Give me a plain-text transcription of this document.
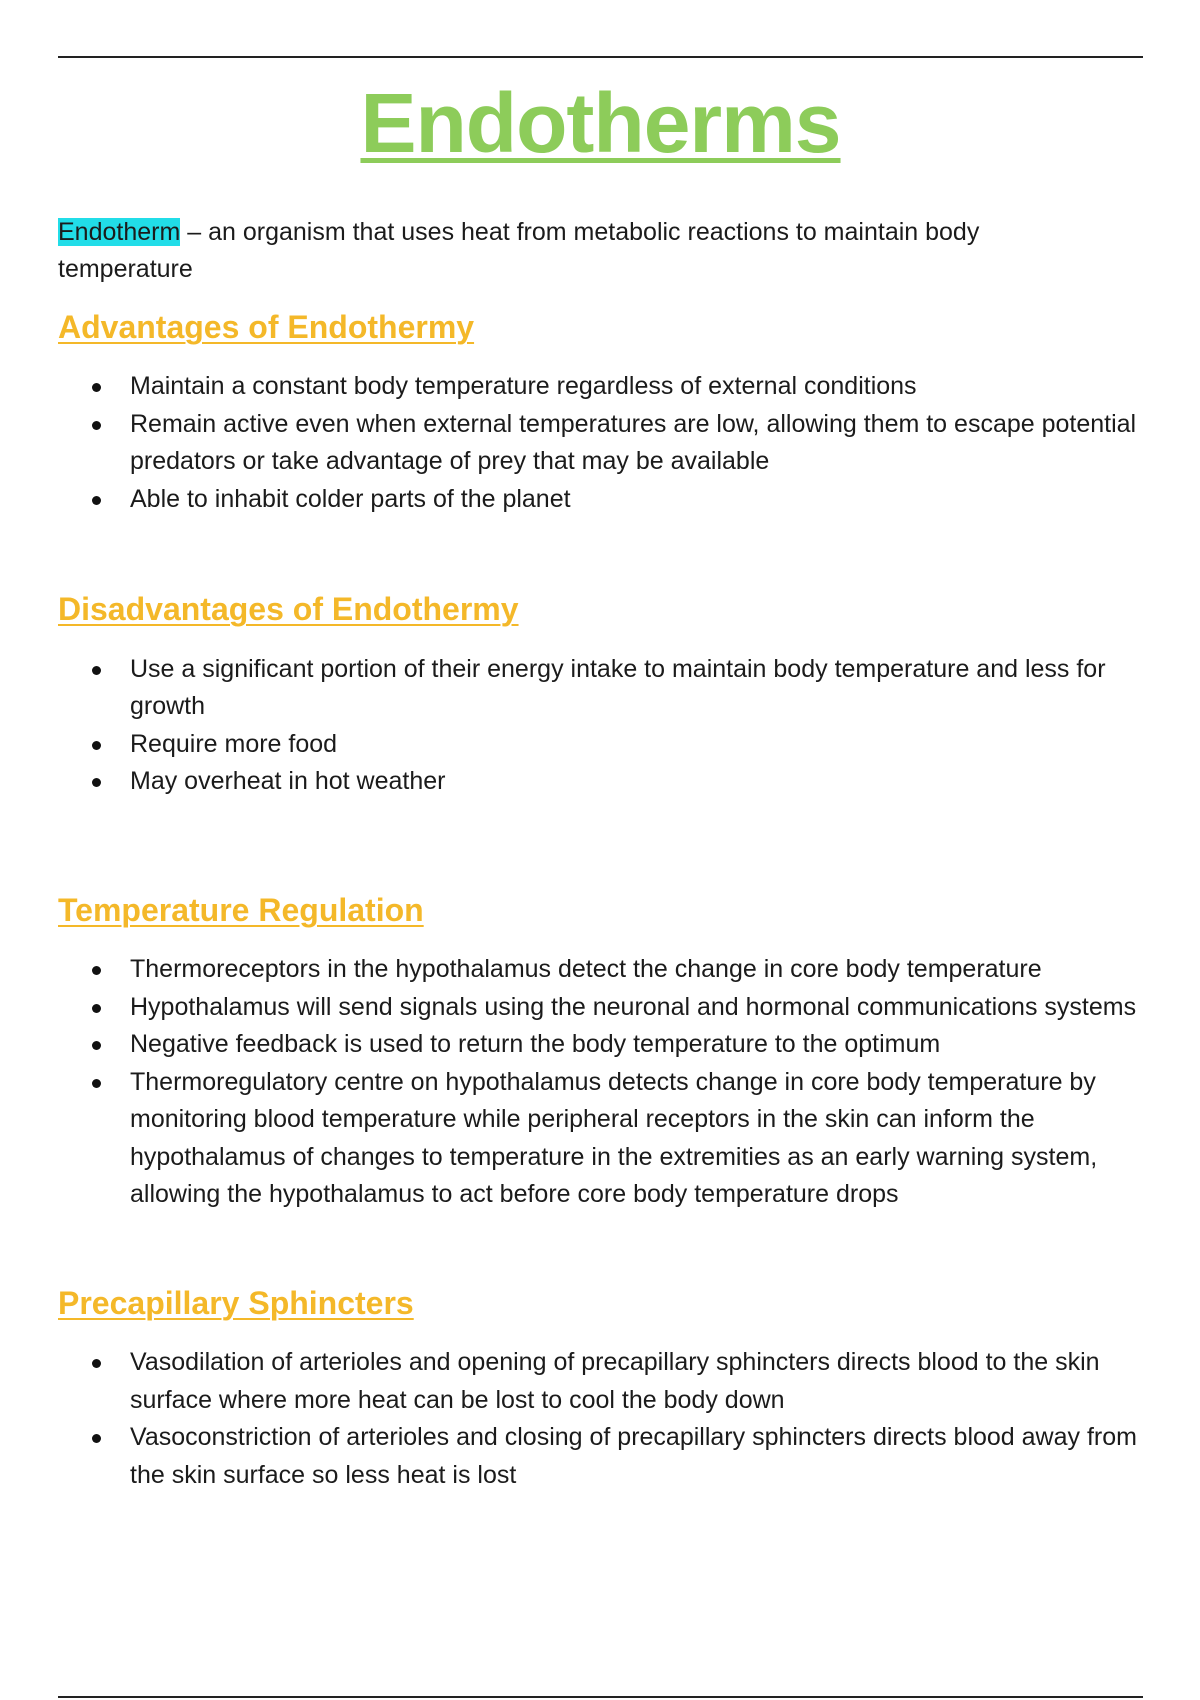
Endotherms

Endotherm – an organism that uses heat from metabolic reactions to maintain body temperature

Advantages of Endothermy
Maintain a constant body temperature regardless of external conditions
Remain active even when external temperatures are low, allowing them to escape potential predators or take advantage of prey that may be available
Able to inhabit colder parts of the planet
Disadvantages of Endothermy
Use a significant portion of their energy intake to maintain body temperature and less for growth
Require more food
May overheat in hot weather
Temperature Regulation
Thermoreceptors in the hypothalamus detect the change in core body temperature
Hypothalamus will send signals using the neuronal and hormonal communications systems
Negative feedback is used to return the body temperature to the optimum
Thermoregulatory centre on hypothalamus detects change in core body temperature by monitoring blood temperature while peripheral receptors in the skin can inform the hypothalamus of changes to temperature in the extremities as an early warning system, allowing the hypothalamus to act before core body temperature drops
Precapillary Sphincters
Vasodilation of arterioles and opening of precapillary sphincters directs blood to the skin surface where more heat can be lost to cool the body down
Vasoconstriction of arterioles and closing of precapillary sphincters directs blood away from the skin surface so less heat is lost
